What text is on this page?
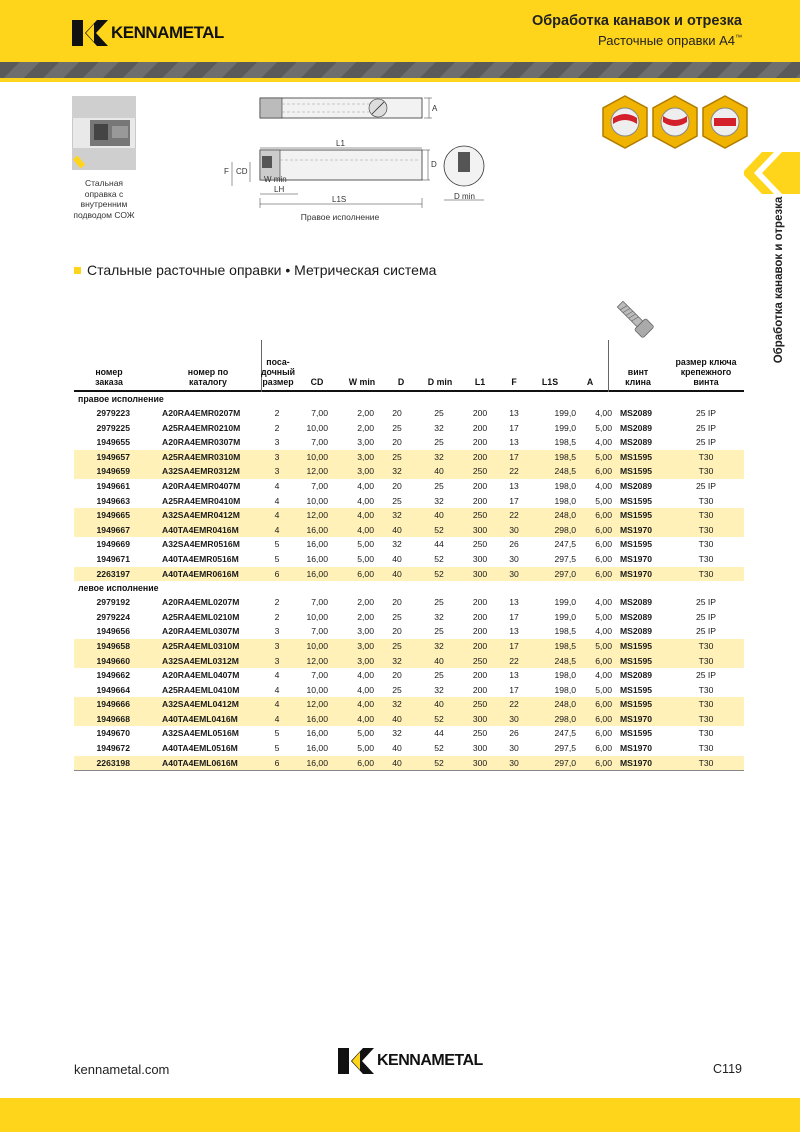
KENNAMETAL
Обработка канавок и отрезка
Расточные оправки A4™
Обработка канавок и отрезка
Стальная
оправка с
внутренним
подводом СОЖ
A
L1
D
F CD
W min
LH
L1S	D min
Правое исполнение
Стальные расточные оправки • Метрическая система
номер
заказа
номер по
каталогу
поса-
дочный
размер	CD	W min	D	D min	L1	F	L1S	A
винт
клина
размер ключа
крепежного
винта
правое исполнение
2979223	A20RA4EMR0207M	2	7,00	2,00	20	25	200	13	199,0	4,00 MS2089	25 IP
2979225	A25RA4EMR0210M	2	10,00	2,00	25	32	200	17	199,0	5,00 MS2089	25 IP
1949655	A20RA4EMR0307M	3	7,00	3,00	20	25	200	13	198,5	4,00 MS2089	25 IP
1949657	A25RA4EMR0310M	3	10,00	3,00	25	32	200	17	198,5	5,00 MS1595	T30
1949659	A32SA4EMR0312M	3	12,00	3,00	32	40	250	22	248,5	6,00 MS1595	T30
1949661	A20RA4EMR0407M	4	7,00	4,00	20	25	200	13	198,0	4,00 MS2089	25 IP
1949663	A25RA4EMR0410M	4	10,00	4,00	25	32	200	17	198,0	5,00 MS1595	T30
1949665	A32SA4EMR0412M	4	12,00	4,00	32	40	250	22	248,0	6,00 MS1595	T30
1949667	A40TA4EMR0416M	4	16,00	4,00	40	52	300	30	298,0	6,00 MS1970	T30
1949669	A32SA4EMR0516M	5	16,00	5,00	32	44	250	26	247,5	6,00 MS1595	T30
1949671	A40TA4EMR0516M	5	16,00	5,00	40	52	300	30	297,5	6,00 MS1970	T30
2263197	A40TA4EMR0616M	6	16,00	6,00	40	52	300	30	297,0	6,00 MS1970	T30
левое исполнение
2979192	A20RA4EML0207M	2	7,00	2,00	20	25	200	13	199,0	4,00 MS2089	25 IP
2979224	A25RA4EML0210M	2	10,00	2,00	25	32	200	17	199,0	5,00 MS2089	25 IP
1949656	A20RA4EML0307M	3	7,00	3,00	20	25	200	13	198,5	4,00 MS2089	25 IP
1949658	A25RA4EML0310M	3	10,00	3,00	25	32	200	17	198,5	5,00 MS1595	T30
1949660	A32SA4EML0312M	3	12,00	3,00	32	40	250	22	248,5	6,00 MS1595	T30
1949662	A20RA4EML0407M	4	7,00	4,00	20	25	200	13	198,0	4,00 MS2089	25 IP
1949664	A25RA4EML0410M	4	10,00	4,00	25	32	200	17	198,0	5,00 MS1595	T30
1949666	A32SA4EML0412M	4	12,00	4,00	32	40	250	22	248,0	6,00 MS1595	T30
1949668	A40TA4EML0416M	4	16,00	4,00	40	52	300	30	298,0	6,00 MS1970	T30
1949670	A32SA4EML0516M	5	16,00	5,00	32	44	250	26	247,5	6,00 MS1595	T30
1949672	A40TA4EML0516M	5	16,00	5,00	40	52	300	30	297,5	6,00 MS1970	T30
2263198	A40TA4EML0616M	6	16,00	6,00	40	52	300	30	297,0	6,00 MS1970	T30
kennametal.com
KENNAMETAL	C119
